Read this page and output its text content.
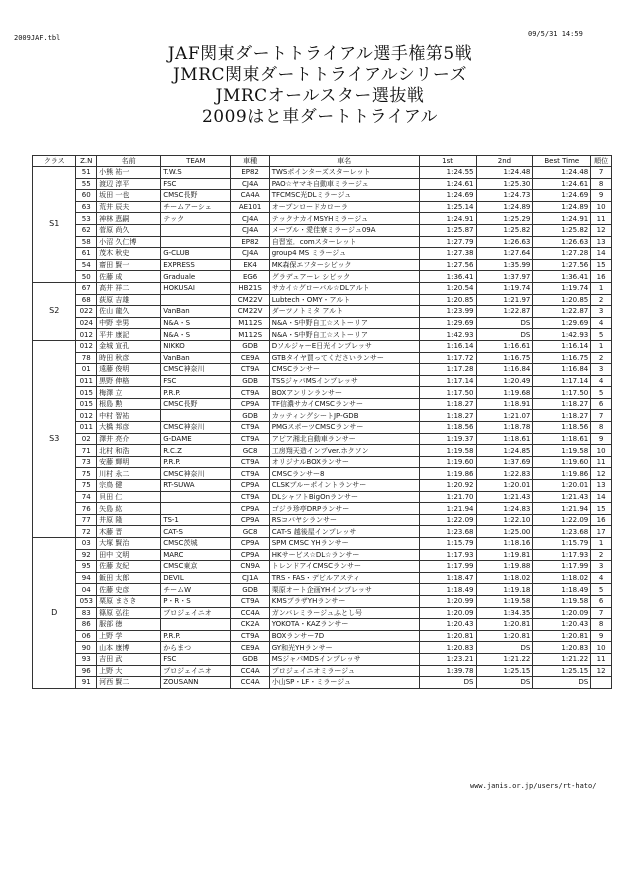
2009JAF.tbl	09/5/31 14:59
JAF関東ダートトライアル選手権第5戦
JMRC関東ダートトライアルシリーズ
JMRCオールスター選抜戦
2009はと車ダートトライアル
クラス	Z.N	名前	TEAM	車種	車名	1st	2nd	Best Time	順位
S1	51	小熊 祐一	T.W.S	EP82	TWSポインターズスターレット	1:24.55	1:24.48	1:24.48	7
	55	渡辺 淳平	FSC	CJ4A	PAO☆ヤマキ自動車ミラージュ	1:24.61	1:25.30	1:24.61	8
	60	坂田 一也	CMSC長野	CA4A	TFCMSC光DLミラージュ	1:24.69	1:24.73	1:24.69	9
	63	荒井 辰夫	チームアーシェ	AE101	オープンロードカローラ	1:25.14	1:24.89	1:24.89	10
	53	神林 恵嗣	テック	CJ4A	テックナカイMSYHミラージュ	1:24.91	1:25.29	1:24.91	11
	62	菅原 尚久		CJ4A	メープル・愛佳寮ミラージュ09A	1:25.87	1:25.82	1:25.82	12
	58	小沼 久仁博		EP82	自習室．comスターレット	1:27.79	1:26.63	1:26.63	13
	61	茂木 秋史	G-CLUB	CJ4A	group4 MS ミラージュ	1:27.38	1:27.64	1:27.28	14
	54	齋田 賢一	EXPRESS	EK4	MK森保エフターシビック	1:27.56	1:35.99	1:27.56	15
	50	佐藤 成	Graduale	EG6	グラデュアーレ シビック	1:36.41	1:37.97	1:36.41	16
S2	67	高井 祥二	HOKUSAI	HB21S	サカイ☆グローバル☆DLアルト	1:20.54	1:19.74	1:19.74	1
	68	荻原 吉雄		CM22V	Lubtech・OMY・アルト	1:20.85	1:21.97	1:20.85	2
	022	佐山 龍久	VanBan	CM22V	ダーツノトミタ アルト	1:23.99	1:22.87	1:22.87	3
	024	中野 幸男	N&A・S	M112S	N&A・S中野自工☆ストーリア	1:29.69	DS	1:29.69	4
	012	平井 康記	N&A・S	M112S	N&A・S中野自工☆ストーリア	1:42.93	DS	1:42.93	5
S3	012	金城 宣孔	NIKKO	GDB	DソルジャーE日光インプレッサ	1:16.14	1:16.61	1:16.14	1
	78	時田 秋彦	VanBan	CE9A	GTBタイヤ買ってくださいランサー	1:17.72	1:16.75	1:16.75	2
	01	遠藤 俊明	CMSC神奈川	CT9A	CMSCランサー	1:17.28	1:16.84	1:16.84	3
	011	黒野 伸格	FSC	GDB	TSSジャパMSインプレッサ	1:17.14	1:20.49	1:17.14	4
	015	梅澤 立	P.R.P.	CT9A	BOXアンリンランサー	1:17.50	1:19.68	1:17.50	5
	015	根島 勲	CMSC長野	CP9A	TF信濃サカイCMSCランサー	1:18.27	1:18.91	1:18.27	6
	012	中村 智祐		GDB	カッティングシートJP-GDB	1:18.27	1:21.07	1:18.27	7
	011	大橋 邦彦	CMSC神奈川	CT9A	PMGスポーツCMSCランサー	1:18.56	1:18.78	1:18.56	8
	02	澤井 亮介	G-DAME	CT9A	アピア湘北自動車ランサー	1:19.37	1:18.61	1:18.61	9
	71	北村 和浩	R.C.Z	GC8	工房翔天造インプver.ホクソン	1:19.58	1:24.85	1:19.58	10
	73	安藤 輝明	P.R.P.	CT9A	オリジナルBOXランサー	1:19.60	1:37.69	1:19.60	11
	75	川村 永二	CMSC神奈川	CT9A	CMSCランサー8	1:19.86	1:22.83	1:19.86	12
	75	宗鳥 健	RT-SUWA	CP9A	CLSKブルーポイントランサー	1:20.92	1:20.01	1:20.01	13
	74	貝田 仁		CT9A	DLシャフトBigOnランサー	1:21.70	1:21.43	1:21.43	14
	76	矢島 紘		CP9A	ゴジラ珍亭DRPランサー	1:21.94	1:24.83	1:21.94	15
	77	井原 隆	TS-1	CP9A	RSコバヤシランサー	1:22.09	1:22.10	1:22.09	16
	72	木藤 晋	CAT-S	GC8	CAT-S 越後屋インプレッサ	1:23.68	1:25.00	1:23.68	17
D	03	大塚 賢治	CMSC茨城	CP9A	SPM CMSC YHランサー	1:15.79	1:18.16	1:15.79	1
	92	田中 文明	MARC	CP9A	HKサービス☆DL☆ランサー	1:17.93	1:19.81	1:17.93	2
	95	佐藤 友紀	CMSC東京	CN9A	トレンドアイCMSCランサー	1:17.99	1:19.88	1:17.99	3
	94	飯田 太郎	DEVIL	CJ1A	TRS・FAS・デビルアスティ	1:18.47	1:18.02	1:18.02	4
	04	佐藤 史彦	チームW	GDB	栗原オート企画YHインプレッサ	1:18.49	1:19.18	1:18.49	5
	053	栗原 まさき	P・R・S	CT9A	KMSブラザYHランサー	1:20.99	1:19.58	1:19.58	6
	83	篠原 弘往	プロジェイニオ	CC4A	ガンバレミラージュふとし号	1:20.09	1:34.35	1:20.09	7
	86	服部 徳		CK2A	YOKOTA・KAZランサー	1:20.43	1:20.81	1:20.43	8
	06	上野 学	P.R.P.	CT9A	BOXランサー7D	1:20.81	1:20.81	1:20.81	9
	90	山本 康博	からまつ	CE9A	GY和光YHランサー	1:20.83	DS	1:20.83	10
	93	吉田 武	FSC	GDB	MSジャパMDSインプレッサ	1:23.21	1:21.22	1:21.22	11
	96	上野 大	プロジェイニオ	CC4A	プロジェイニオミラージュ	1:39.78	1:25.15	1:25.15	12
	91	河西 賢二	ZOUSANN	CC4A	小山SP・LF・ミラージュ	DS	DS	DS	
www.janis.or.jp/users/rt-hato/
